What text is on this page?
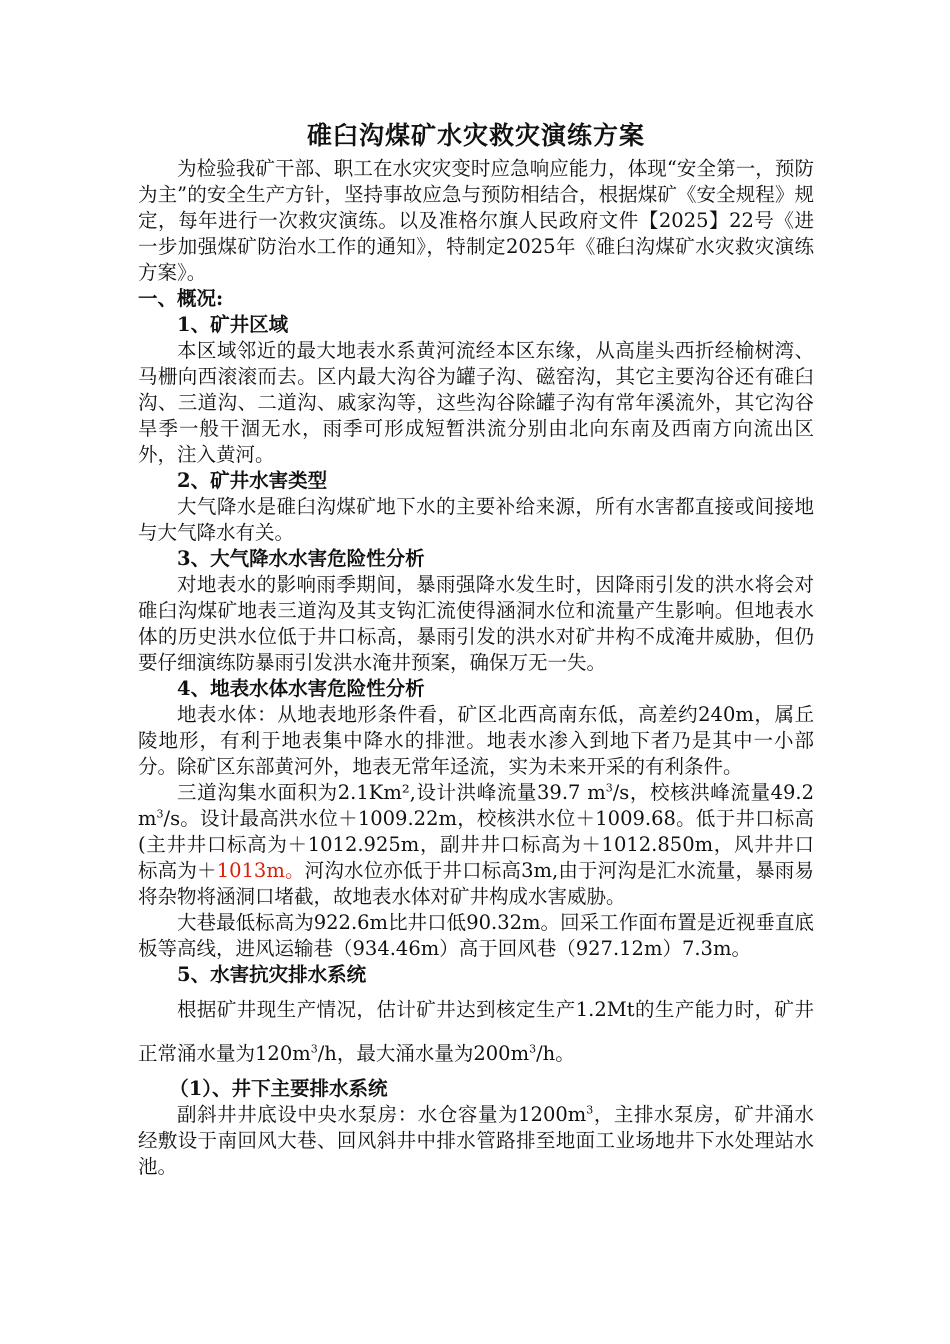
碓臼沟煤矿水灾救灾演练方案

为检验我矿干部、职工在水灾灾变时应急响应能力，体现“安全第一，预防为主”的安全生产方针，坚持事故应急与预防相结合，根据煤矿《安全规程》规定，每年进行一次救灾演练。以及准格尔旗人民政府文件【2025】22号《进一步加强煤矿防治水工作的通知》，特制定2025年《碓臼沟煤矿水灾救灾演练方案》。

一、概况:
1、矿井区域

本区域邻近的最大地表水系黄河流经本区东缘，从高崖头西折经榆树湾、马栅向西滚滚而去。区内最大沟谷为罐子沟、磁窑沟，其它主要沟谷还有碓臼沟、三道沟、二道沟、戚家沟等，这些沟谷除罐子沟有常年溪流外，其它沟谷旱季一般干涸无水，雨季可形成短暂洪流分别由北向东南及西南方向流出区外，注入黄河。

2、矿井水害类型

大气降水是碓臼沟煤矿地下水的主要补给来源，所有水害都直接或间接地与大气降水有关。

3、大气降水水害危险性分析

对地表水的影响雨季期间，暴雨强降水发生时，因降雨引发的洪水将会对碓臼沟煤矿地表三道沟及其支钩汇流使得涵洞水位和流量产生影响。但地表水体的历史洪水位低于井口标高，暴雨引发的洪水对矿井构不成淹井威胁，但仍要仔细演练防暴雨引发洪水淹井预案，确保万无一失。

4、地表水体水害危险性分析

地表水体：从地表地形条件看，矿区北西高南东低，高差约240m，属丘陵地形，有利于地表集中降水的排泄。地表水渗入到地下者乃是其中一小部分。除矿区东部黄河外，地表无常年迳流，实为未来开采的有利条件。

三道沟集水面积为2.1Km²,设计洪峰流量39.7 $m^3/s$，校核洪峰流量49.2 $m^3/s$。设计最高洪水位＋1009.22m，校核洪水位＋1009.68。低于井口标高(主井井口标高为＋1012.925m，副井井口标高为＋1012.850m，风井井口标高为＋1013m。河沟水位亦低于井口标高3m,由于河沟是汇水流量，暴雨易将杂物将涵洞口堵截，故地表水体对矿井构成水害威胁。

大巷最低标高为922.6m比井口低90.32m。回采工作面布置是近视垂直底板等高线，进风运输巷（934.46m）高于回风巷（927.12m）7.3m。

5、水害抗灾排水系统

根据矿井现生产情况，估计矿井达到核定生产1.2Mt的生产能力时，矿井正常涌水量为$120m^3/h$，最大涌水量为$200m^3/h$。

（1）、井下主要排水系统

副斜井井底设中央水泵房：水仓容量为$1200m^3$，主排水泵房，矿井涌水经敷设于南回风大巷、回风斜井中排水管路排至地面工业场地井下水处理站水池。
